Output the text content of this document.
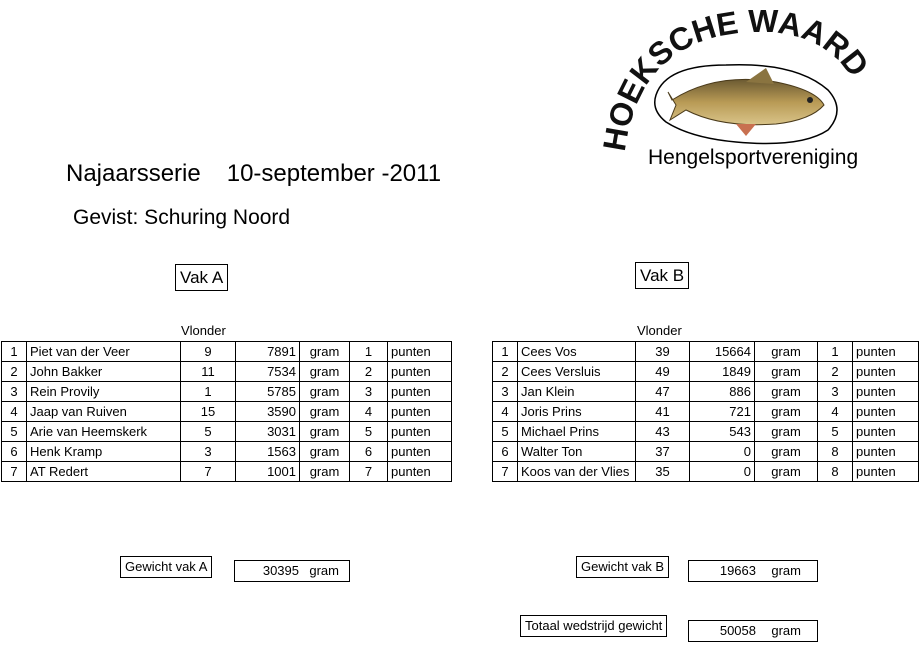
HOEKSCHE WAARD
Hengelsportvereniging
Najaarsserie 10-september -2011
Gevist: Schuring Noord
Vak A	Vak B
Vlonder	Vlonder
1	Piet van der Veer	9	7891	gram	1	punten
2	John Bakker	11	7534	gram	2	punten
3	Rein Provily	1	5785	gram	3	punten
4	Jaap van Ruiven	15	3590	gram	4	punten
5	Arie van Heemskerk	5	3031	gram	5	punten
6	Henk Kramp	3	1563	gram	6	punten
7	AT Redert	7	1001	gram	7	punten
1	Cees Vos	39	15664	gram	1	punten
2	Cees Versluis	49	1849	gram	2	punten
3	Jan Klein	47	886	gram	3	punten
4	Joris Prins	41	721	gram	4	punten
5	Michael Prins	43	543	gram	5	punten
6	Walter Ton	37	0	gram	8	punten
7	Koos van der Vlies	35	0	gram	8	punten
Gewicht vak A	30395 gram	Gewicht vak B	19663 gram
Totaal wedstrijd gewicht	50058 gram
